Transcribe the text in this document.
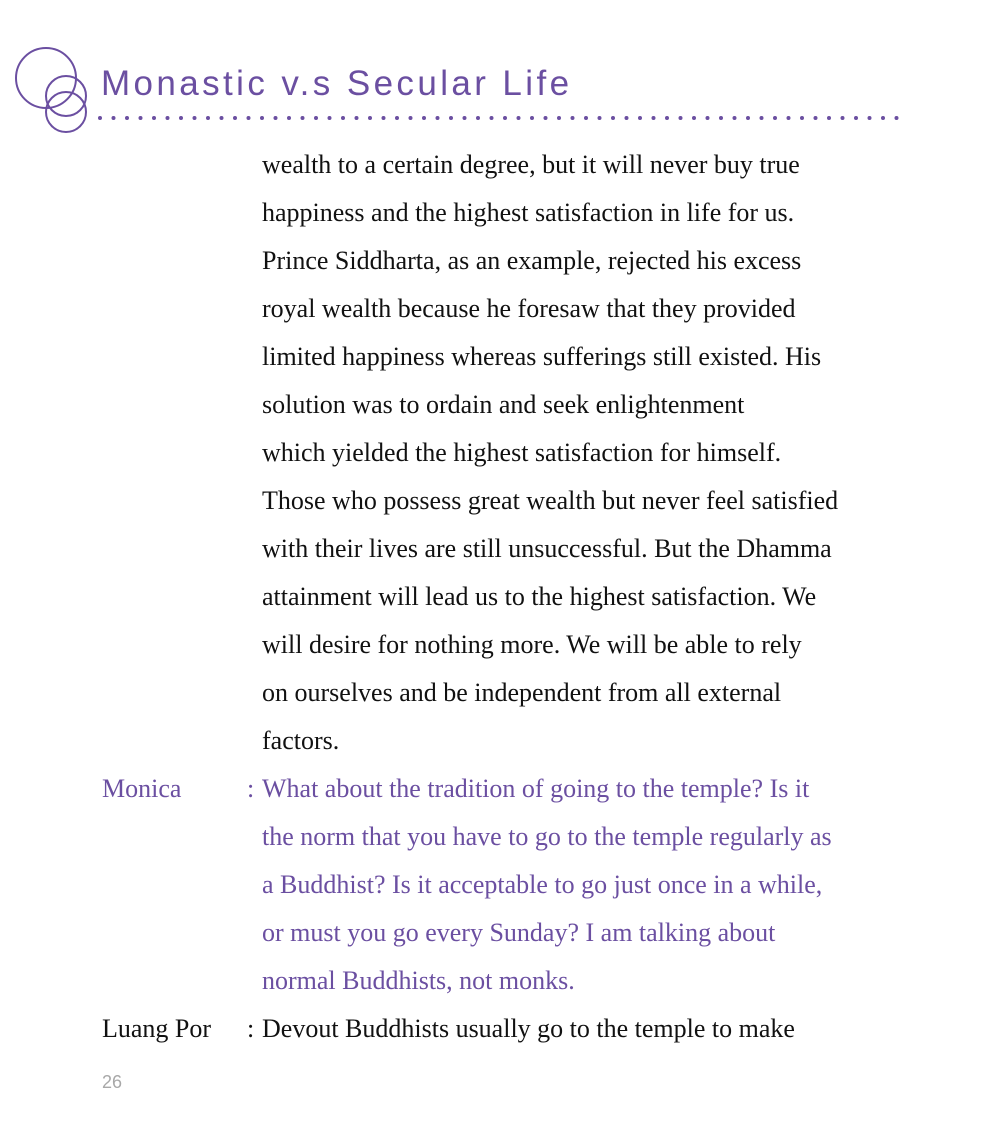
Monastic v.s Secular Life
wealth to a certain degree, but it will never buy true
happiness and the highest satisfaction in life for us.
Prince Siddharta, as an example, rejected his excess
royal wealth because he foresaw that they provided
limited happiness whereas sufferings still existed. His
solution was to ordain and seek enlightenment
which yielded the highest satisfaction for himself.
Those who possess great wealth but never feel satisfied
with their lives are still unsuccessful. But the Dhamma
attainment will lead us to the highest satisfaction. We
will desire for nothing more. We will be able to rely
on ourselves and be independent from all external
factors.
Monica	: What about the tradition of going to the temple? Is it
the norm that you have to go to the temple regularly as
a Buddhist? Is it acceptable to go just once in a while,
or must you go every Sunday? I am talking about
normal Buddhists, not monks.
Luang Por : Devout Buddhists usually go to the temple to make
26
